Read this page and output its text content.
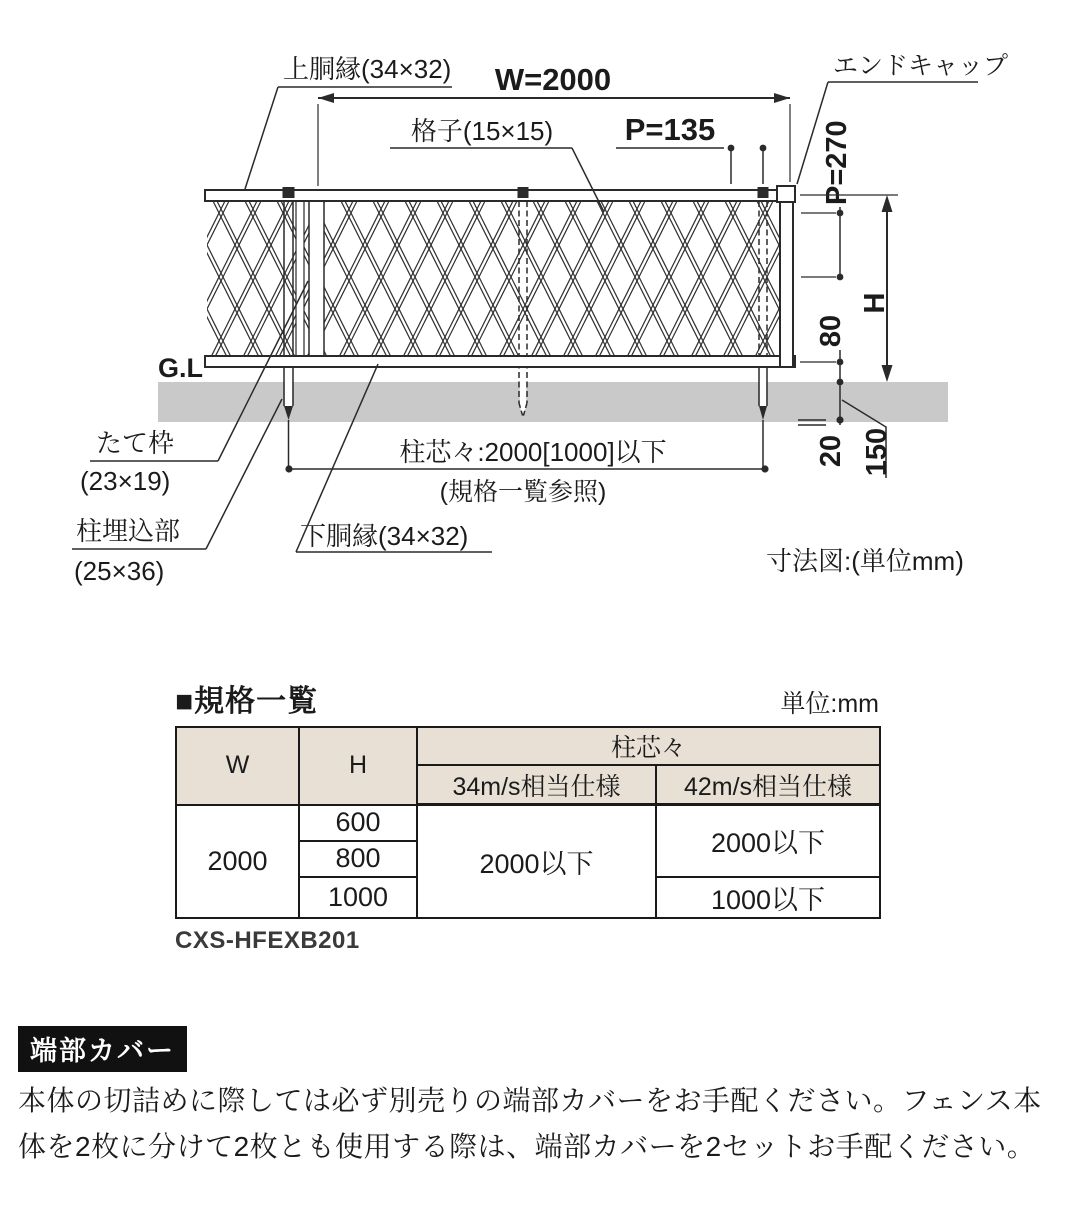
W=2000
上胴縁(34×32)
格子(15×15) P=135
エンドキャップ
P=270
H
80
20 150
G.L
柱芯々:2000[1000]以下
(規格一覧参照)
たて枠
(23×19)
柱埋込部
(25×36)
下胴縁(34×32)
寸法図:(単位mm)
■規格一覧	単位:mm
W	H	柱芯々	
		34m/s相当仕様	42m/s相当仕様
2000	600	2000以下	2000以下
	800		
	1000		1000以下
CXS-HFEXB201
端部カバー

本体の切詰めに際しては必ず別売りの端部カバーをお手配ください。フェンス本体を2枚に分けて2枚とも使用する際は、端部カバーを2セットお手配ください。
